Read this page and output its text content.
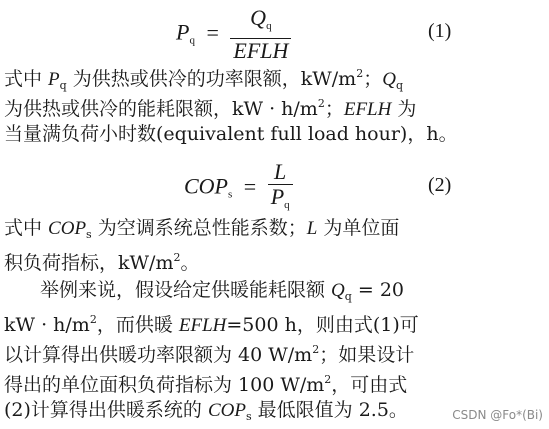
$P_q = \frac{Q_q}{\text{EFLH}}$	(1)
式中 $P_q$ 为供热或供冷的功率限额，$kW/m^2$；$Q_q$
为供热或供冷的能耗限额，kW · $h/m^2$；EFLH 为
当量满负荷小时数(equivalent full load hour)，h。
$COP_s = \frac{L}{P_q}$	(2)
式中 $COP_s$ 为空调系统总性能系数；L 为单位面
积负荷指标，$kW/m^2$。
举例来说，假设给定供暖能耗限额 $Q_q = 20$
kW · $h/m^2$，而供暖 EFLH=500 h，则由式(1)可
以计算得出供暖功率限额为 40 $W/m^2$；如果设计
得出的单位面积负荷指标为 100 $W/m^2$，可由式
(2)计算得出供暖系统的 $COP_s$ 最低限值为 2.5。	CSDN @Fo*(Bi)
